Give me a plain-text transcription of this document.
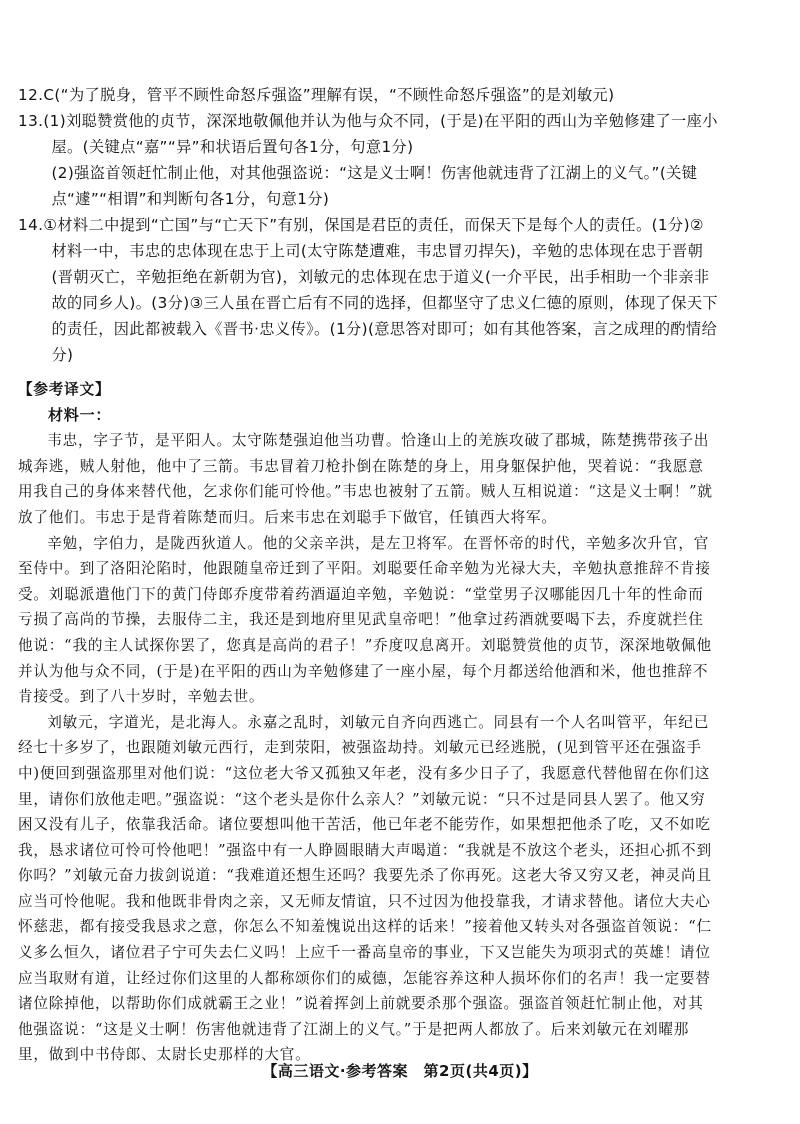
12.C(“为了脱身，管平不顾性命怒斥强盗”理解有误，“不顾性命怒斥强盗”的是刘敏元)

13.(1)刘聪赞赏他的贞节，深深地敬佩他并认为他与众不同，(于是)在平阳的西山为辛勉修建了一座小屋。(关键点“嘉”“异”和状语后置句各1分，句意1分)

(2)强盗首领赶忙制止他，对其他强盗说：“这是义士啊！伤害他就违背了江湖上的义气。”(关键点“遽”“相谓”和判断句各1分，句意1分)

14.①材料二中提到“亡国”与“亡天下”有别，保国是君臣的责任，而保天下是每个人的责任。(1分)②材料一中，韦忠的忠体现在忠于上司(太守陈楚遭难，韦忠冒刃捍矢)，辛勉的忠体现在忠于晋朝(晋朝灭亡，辛勉拒绝在新朝为官)，刘敏元的忠体现在忠于道义(一介平民，出手相助一个非亲非故的同乡人)。(3分)③三人虽在晋亡后有不同的选择，但都坚守了忠义仁德的原则，体现了保天下的责任，因此都被载入《晋书·忠义传》。(1分)(意思答对即可；如有其他答案，言之成理的酌情给分)

【参考译文】

材料一：

韦忠，字子节，是平阳人。太守陈楚强迫他当功曹。恰逢山上的羌族攻破了郡城，陈楚携带孩子出城奔逃，贼人射他，他中了三箭。韦忠冒着刀枪扑倒在陈楚的身上，用身躯保护他，哭着说：“我愿意用我自己的身体来替代他，乞求你们能可怜他。”韦忠也被射了五箭。贼人互相说道：“这是义士啊！”就放了他们。韦忠于是背着陈楚而归。后来韦忠在刘聪手下做官，任镇西大将军。

辛勉，字伯力，是陇西狄道人。他的父亲辛洪，是左卫将军。在晋怀帝的时代，辛勉多次升官，官至侍中。到了洛阳沦陷时，他跟随皇帝迁到了平阳。刘聪要任命辛勉为光禄大夫，辛勉执意推辞不肯接受。刘聪派遣他门下的黄门侍郎乔度带着药酒逼迫辛勉，辛勉说：“堂堂男子汉哪能因几十年的性命而亏损了高尚的节操，去服侍二主，我还是到地府里见武皇帝吧！”他拿过药酒就要喝下去，乔度就拦住他说：“我的主人试探你罢了，您真是高尚的君子！”乔度叹息离开。刘聪赞赏他的贞节，深深地敬佩他并认为他与众不同，(于是)在平阳的西山为辛勉修建了一座小屋，每个月都送给他酒和米，他也推辞不肯接受。到了八十岁时，辛勉去世。

刘敏元，字道光，是北海人。永嘉之乱时，刘敏元自齐向西逃亡。同县有一个人名叫管平，年纪已经七十多岁了，也跟随刘敏元西行，走到荥阳，被强盗劫持。刘敏元已经逃脱，(见到管平还在强盗手中)便回到强盗那里对他们说：“这位老大爷又孤独又年老，没有多少日子了，我愿意代替他留在你们这里，请你们放他走吧。”强盗说：“这个老头是你什么亲人？”刘敏元说：“只不过是同县人罢了。他又穷困又没有儿子，依靠我活命。诸位要想叫他干苦活，他已年老不能劳作，如果想把他杀了吃，又不如吃我，恳求诸位可怜可怜他吧！”强盗中有一人睁圆眼睛大声喝道：“我就是不放这个老头，还担心抓不到你吗？”刘敏元奋力拔剑说道：“我难道还想生还吗？我要先杀了你再死。这老大爷又穷又老，神灵尚且应当可怜他呢。我和他既非骨肉之亲，又无师友情谊，只不过因为他投靠我，才请求替他。诸位大夫心怀慈悲，都有接受我恳求之意，你怎么不知羞愧说出这样的话来！”接着他又转头对各强盗首领说：“仁义多么恒久，诸位君子宁可失去仁义吗！上应千一番高皇帝的事业，下又岂能失为项羽式的英雄！请位应当取财有道，让经过你们这里的人都称颂你们的威德，怎能容养这种人损坏你们的名声！我一定要替诸位除掉他，以帮助你们成就霸王之业！”说着挥剑上前就要杀那个强盗。强盗首领赶忙制止他，对其他强盗说：“这是义士啊！伤害他就违背了江湖上的义气。”于是把两人都放了。后来刘敏元在刘曜那里，做到中书侍郎、太尉长史那样的大官。

【高三语文·参考答案　第2页(共4页)】
